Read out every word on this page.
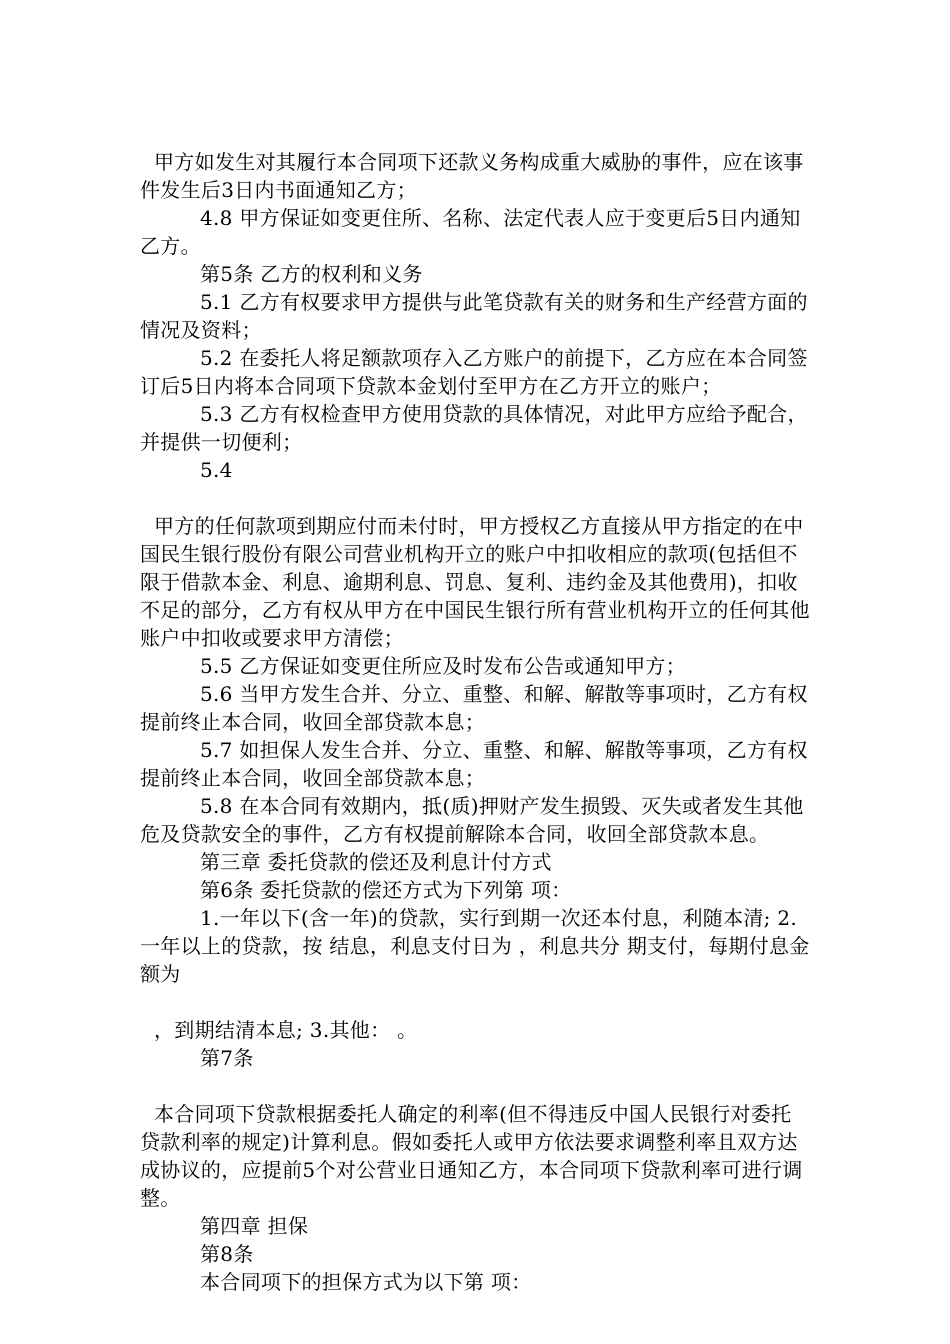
甲方如发生对其履行本合同项下还款义务构成重大威胁的事件，应在该事件发生后3日内书面通知乙方；

4.8 甲方保证如变更住所、名称、法定代表人应于变更后5日内通知乙方。

第5条 乙方的权利和义务

5.1 乙方有权要求甲方提供与此笔贷款有关的财务和生产经营方面的情况及资料；

5.2 在委托人将足额款项存入乙方账户的前提下，乙方应在本合同签订后5日内将本合同项下贷款本金划付至甲方在乙方开立的账户；

5.3 乙方有权检查甲方使用贷款的具体情况，对此甲方应给予配合，并提供一切便利；

5.4

甲方的任何款项到期应付而未付时，甲方授权乙方直接从甲方指定的在中国民生银行股份有限公司营业机构开立的账户中扣收相应的款项(包括但不限于借款本金、利息、逾期利息、罚息、复利、违约金及其他费用)，扣收不足的部分，乙方有权从甲方在中国民生银行所有营业机构开立的任何其他账户中扣收或要求甲方清偿；

5.5 乙方保证如变更住所应及时发布公告或通知甲方；

5.6 当甲方发生合并、分立、重整、和解、解散等事项时，乙方有权提前终止本合同，收回全部贷款本息；

5.7 如担保人发生合并、分立、重整、和解、解散等事项，乙方有权提前终止本合同，收回全部贷款本息；

5.8 在本合同有效期内，抵(质)押财产发生损毁、灭失或者发生其他危及贷款安全的事件，乙方有权提前解除本合同，收回全部贷款本息。

第三章 委托贷款的偿还及利息计付方式

第6条 委托贷款的偿还方式为下列第 项：

1.一年以下(含一年)的贷款，实行到期一次还本付息，利随本清; 2.一年以上的贷款，按 结息，利息支付日为 ，利息共分 期支付，每期付息金额为

，到期结清本息; 3.其他： 。

第7条

本合同项下贷款根据委托人确定的利率(但不得违反中国人民银行对委托贷款利率的规定)计算利息。假如委托人或甲方依法要求调整利率且双方达成协议的，应提前5个对公营业日通知乙方，本合同项下贷款利率可进行调整。

第四章 担保

第8条

本合同项下的担保方式为以下第 项：
